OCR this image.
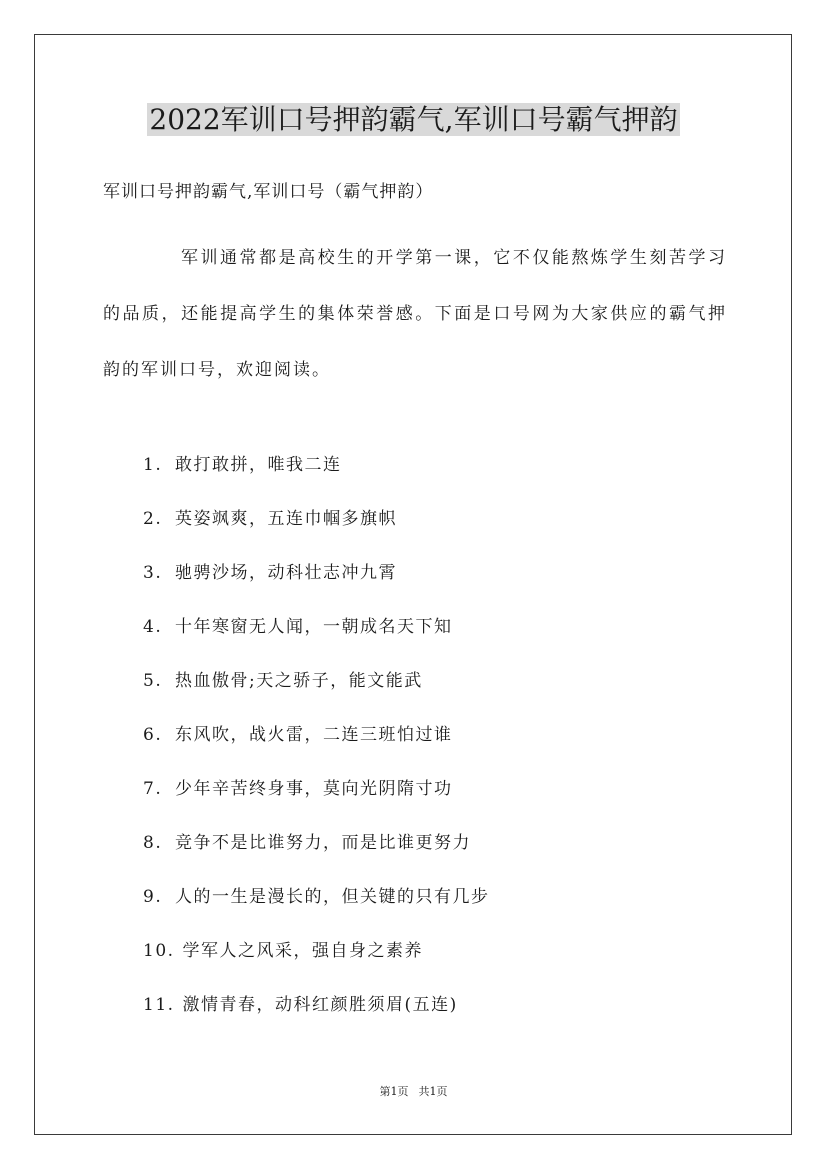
2022军训口号押韵霸气,军训口号霸气押韵

军训口号押韵霸气,军训口号（霸气押韵）

军训通常都是高校生的开学第一课，它不仅能熬炼学生刻苦学习的品质，还能提高学生的集体荣誉感。下面是口号网为大家供应的霸气押韵的军训口号，欢迎阅读。

1. 敢打敢拼，唯我二连
2. 英姿飒爽，五连巾帼多旗帜
3. 驰骋沙场，动科壮志冲九霄
4. 十年寒窗无人闻，一朝成名天下知
5. 热血傲骨;天之骄子，能文能武
6. 东风吹，战火雷，二连三班怕过谁
7. 少年辛苦终身事，莫向光阴隋寸功
8. 竞争不是比谁努力，而是比谁更努力
9. 人的一生是漫长的，但关键的只有几步
10. 学军人之风采，强自身之素养
11. 激情青春，动科红颜胜须眉(五连)
第1页 共1页
